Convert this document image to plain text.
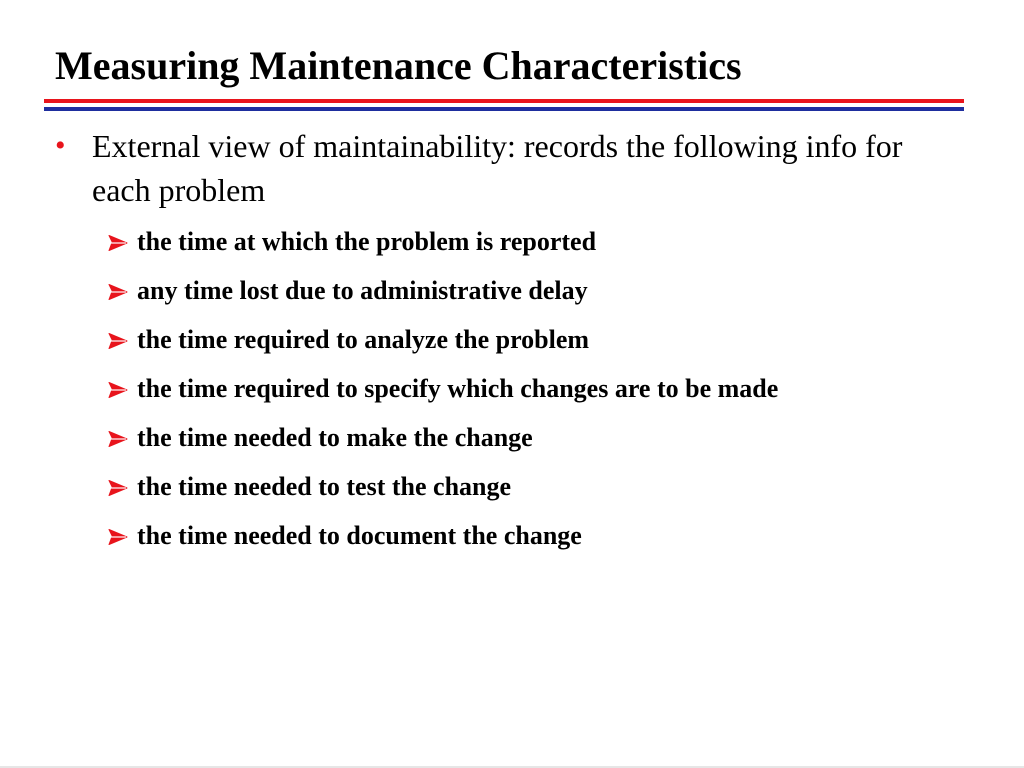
Measuring Maintenance Characteristics
• External view of maintainability: records the following info for each problem
the time at which the problem is reported
any time lost due to administrative delay
the time required to analyze the problem
the time required to specify which changes are to be made
the time needed to make the change
the time needed to test the change
the time needed to document the change
